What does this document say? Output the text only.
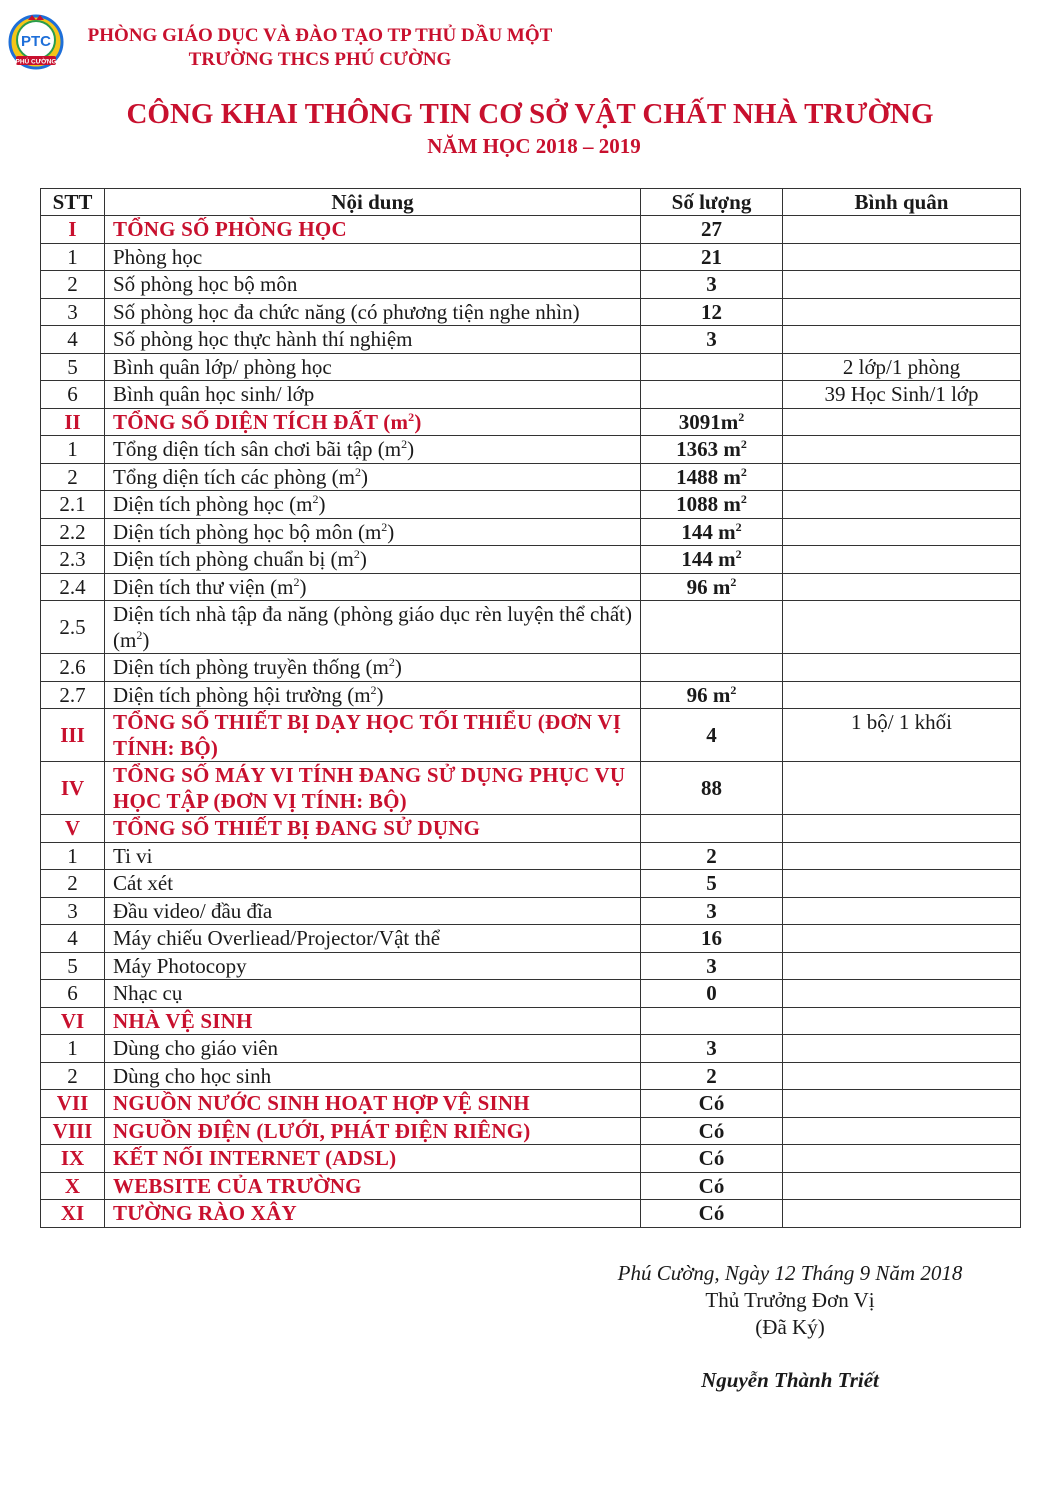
PTC
PHÚ CƯỜNG
PHÒNG GIÁO DỤC VÀ ĐÀO TẠO TP THỦ DẦU MỘT
TRƯỜNG THCS PHÚ CƯỜNG
CÔNG KHAI THÔNG TIN CƠ SỞ VẬT CHẤT NHÀ TRƯỜNG
NĂM HỌC 2018 – 2019
STT	Nội dung	Số lượng	Bình quân
I	TỔNG SỐ PHÒNG HỌC	27	
1	Phòng học	21	
2	Số phòng học bộ môn	3	
3	Số phòng học đa chức năng (có phương tiện nghe nhìn)	12	
4	Số phòng học thực hành thí nghiệm	3	
5	Bình quân lớp/ phòng học		2 lớp/1 phòng
6	Bình quân học sinh/ lớp		39 Học Sinh/1 lớp
II	TỔNG SỐ DIỆN TÍCH ĐẤT $(m^2)$	$3091m^2$	
1	Tổng diện tích sân chơi bãi tập $(m^2)$	1363 $m^2$	
2	Tổng diện tích các phòng $(m^2)$	1488 $m^2$	
2.1	Diện tích phòng học $(m^2)$	1088 $m^2$	
2.2	Diện tích phòng học bộ môn $(m^2)$	144 $m^2$	
2.3	Diện tích phòng chuẩn bị $(m^2)$	144 $m^2$	
2.4	Diện tích thư viện $(m^2)$	96 $m^2$	
2.5	Diện tích nhà tập đa năng (phòng giáo dục rèn luyện thể chất) $(m^2)$		
2.6	Diện tích phòng truyền thống $(m^2)$		
2.7	Diện tích phòng hội trường $(m^2)$	96 $m^2$	
III	TỔNG SỐ THIẾT BỊ DẠY HỌC TỐI THIỂU (ĐƠN VỊ TÍNH: BỘ)	4	1 bộ/ 1 khối
IV	TỔNG SỐ MÁY VI TÍNH ĐANG SỬ DỤNG PHỤC VỤ HỌC TẬP (ĐƠN VỊ TÍNH: BỘ)	88	
V	TỔNG SỐ THIẾT BỊ ĐANG SỬ DỤNG		
1	Ti vi	2	
2	Cát xét	5	
3	Đầu video/ đầu đĩa	3	
4	Máy chiếu Overliead/Projector/Vật thể	16	
5	Máy Photocopy	3	
6	Nhạc cụ	0	
VI	NHÀ VỆ SINH		
1	Dùng cho giáo viên	3	
2	Dùng cho học sinh	2	
VII	NGUỒN NƯỚC SINH HOẠT HỢP VỆ SINH	Có	
VIII	NGUỒN ĐIỆN (LƯỚI, PHÁT ĐIỆN RIÊNG)	Có	
IX	KẾT NỐI INTERNET (ADSL)	Có	
X	WEBSITE CỦA TRƯỜNG	Có	
XI	TƯỜNG RÀO XÂY	Có	
Phú Cường, Ngày 12 Tháng 9 Năm 2018
Thủ Trưởng Đơn Vị
(Đã Ký)
Nguyễn Thành Triết
